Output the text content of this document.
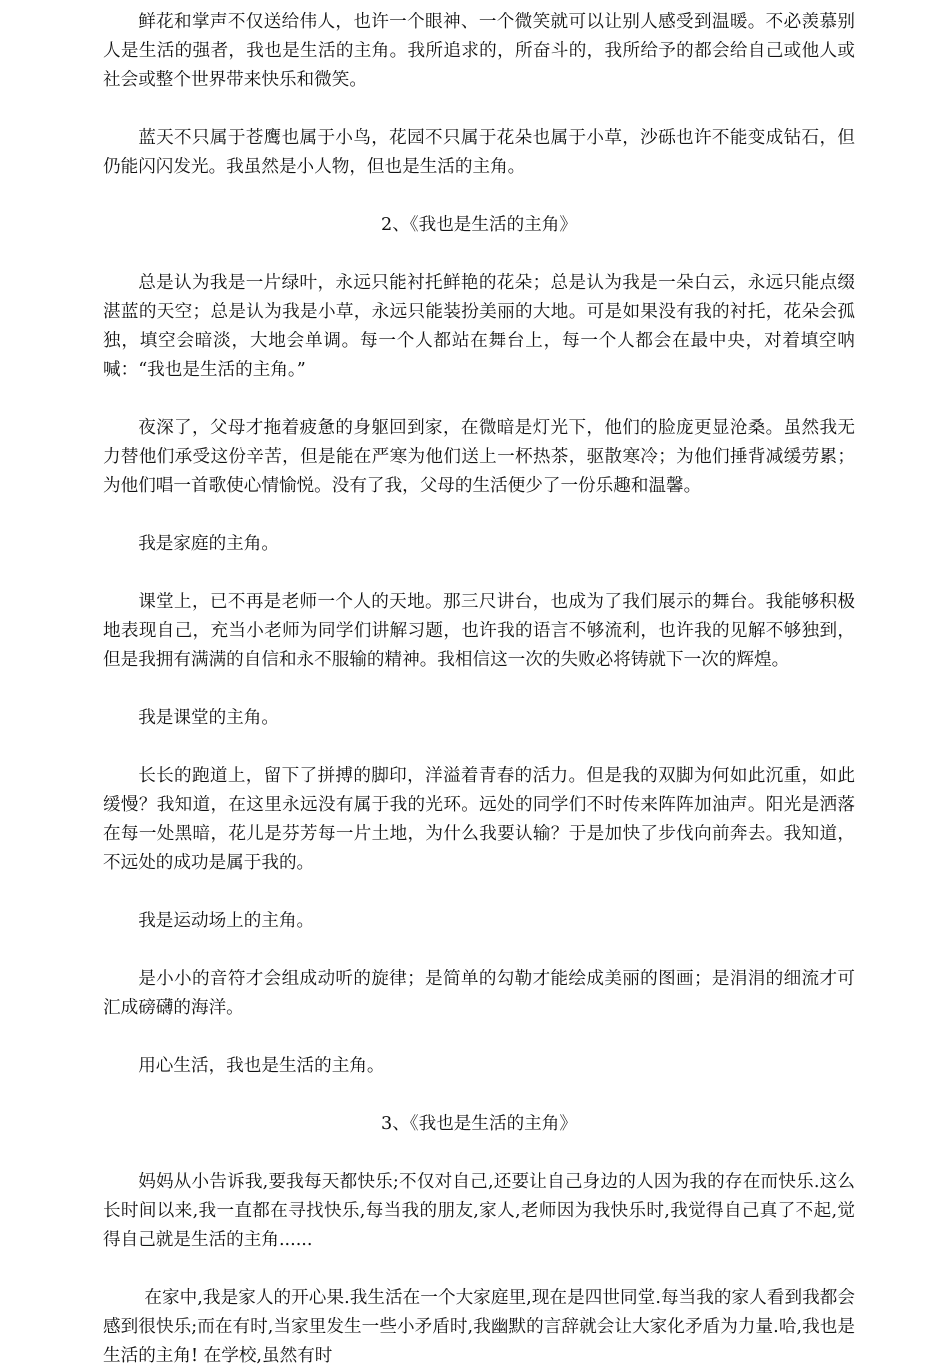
鲜花和掌声不仅送给伟人，也许一个眼神、一个微笑就可以让别人感受到温暖。不必羡慕别人是生活的强者，我也是生活的主角。我所追求的，所奋斗的，我所给予的都会给自己或他人或社会或整个世界带来快乐和微笑。

蓝天不只属于苍鹰也属于小鸟，花园不只属于花朵也属于小草，沙砾也许不能变成钻石，但仍能闪闪发光。我虽然是小人物，但也是生活的主角。

2、《我也是生活的主角》

总是认为我是一片绿叶，永远只能衬托鲜艳的花朵；总是认为我是一朵白云，永远只能点缀湛蓝的天空；总是认为我是小草，永远只能装扮美丽的大地。可是如果没有我的衬托，花朵会孤独，填空会暗淡，大地会单调。每一个人都站在舞台上，每一个人都会在最中央，对着填空呐喊：“我也是生活的主角。”

夜深了，父母才拖着疲惫的身躯回到家，在微暗是灯光下，他们的脸庞更显沧桑。虽然我无力替他们承受这份辛苦，但是能在严寒为他们送上一杯热茶，驱散寒冷；为他们捶背减缓劳累；为他们唱一首歌使心情愉悦。没有了我，父母的生活便少了一份乐趣和温馨。

我是家庭的主角。

课堂上，已不再是老师一个人的天地。那三尺讲台，也成为了我们展示的舞台。我能够积极地表现自己，充当小老师为同学们讲解习题，也许我的语言不够流利，也许我的见解不够独到，但是我拥有满满的自信和永不服输的精神。我相信这一次的失败必将铸就下一次的辉煌。

我是课堂的主角。

长长的跑道上，留下了拼搏的脚印，洋溢着青春的活力。但是我的双脚为何如此沉重，如此缓慢？我知道，在这里永远没有属于我的光环。远处的同学们不时传来阵阵加油声。阳光是洒落在每一处黑暗，花儿是芬芳每一片土地，为什么我要认输？于是加快了步伐向前奔去。我知道，不远处的成功是属于我的。

我是运动场上的主角。

是小小的音符才会组成动听的旋律；是简单的勾勒才能绘成美丽的图画；是涓涓的细流才可汇成磅礴的海洋。

用心生活，我也是生活的主角。

3、《我也是生活的主角》

妈妈从小告诉我,要我每天都快乐;不仅对自己,还要让自己身边的人因为我的存在而快乐.这么长时间以来,我一直都在寻找快乐,每当我的朋友,家人,老师因为我快乐时,我觉得自己真了不起,觉得自己就是生活的主角......

在家中,我是家人的开心果.我生活在一个大家庭里,现在是四世同堂.每当我的家人看到我都会感到很快乐;而在有时,当家里发生一些小矛盾时,我幽默的言辞就会让大家化矛盾为力量.哈,我也是生活的主角! 在学校,虽然有时
